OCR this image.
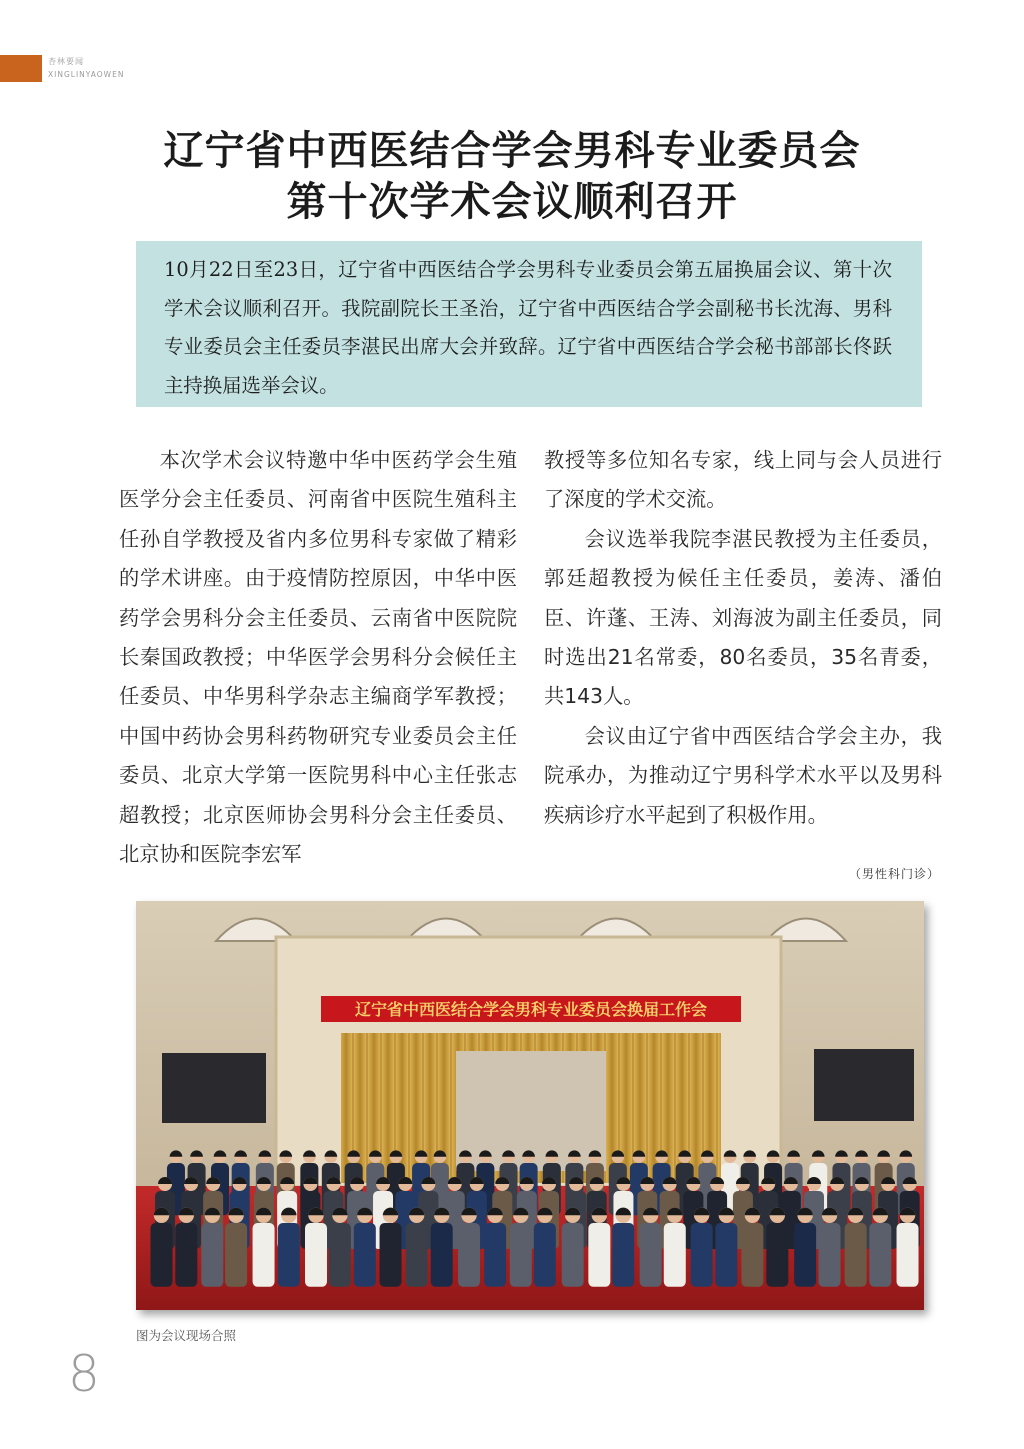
杏林要闻
XINGLINYAOWEN
辽宁省中西医结合学会男科专业委员会
第十次学术会议顺利召开
10月22日至23日，辽宁省中西医结合学会男科专业委员会第五届换届会议、第十次学术会议顺利召开。我院副院长王圣治，辽宁省中西医结合学会副秘书长沈海、男科专业委员会主任委员李湛民出席大会并致辞。辽宁省中西医结合学会秘书部部长佟跃主持换届选举会议。

本次学术会议特邀中华中医药学会生殖医学分会主任委员、河南省中医院生殖科主任孙自学教授及省内多位男科专家做了精彩的学术讲座。由于疫情防控原因，中华中医药学会男科分会主任委员、云南省中医院院长秦国政教授；中华医学会男科分会候任主任委员、中华男科学杂志主编商学军教授；中国中药协会男科药物研究专业委员会主任委员、北京大学第一医院男科中心主任张志超教授；北京医师协会男科分会主任委员、北京协和医院李宏军

教授等多位知名专家，线上同与会人员进行了深度的学术交流。

会议选举我院李湛民教授为主任委员，郭廷超教授为候任主任委员，姜涛、潘伯臣、许蓬、王涛、刘海波为副主任委员，同时选出21名常委，80名委员，35名青委，共143人。

会议由辽宁省中西医结合学会主办，我院承办，为推动辽宁男科学术水平以及男科疾病诊疗水平起到了积极作用。

（男性科门诊）
辽宁省中西医结合学会男科专业委员会换届工作会
图为会议现场合照
8
